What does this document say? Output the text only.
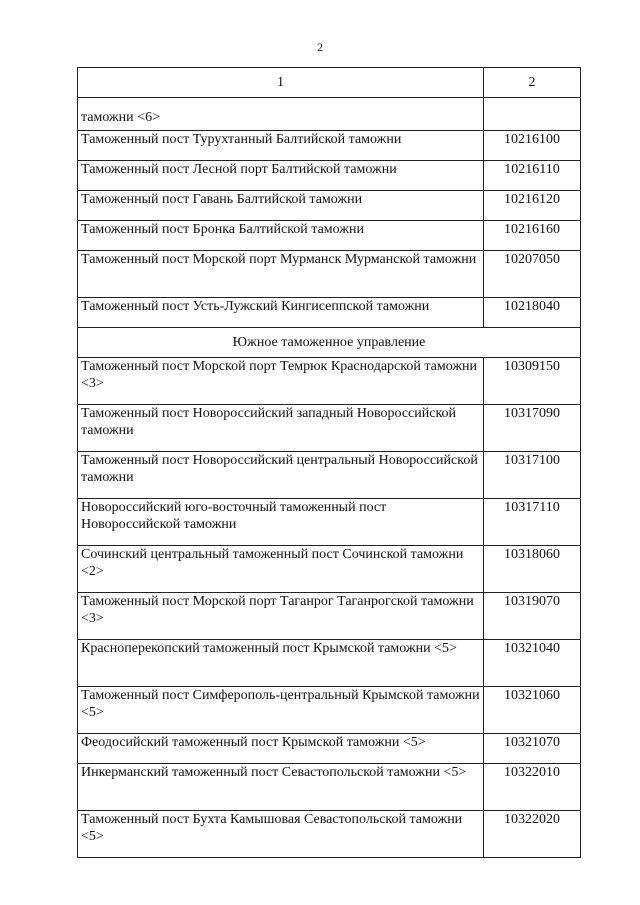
2
1	2
таможни <6>	
Таможенный пост Турухтанный Балтийской таможни	10216100
Таможенный пост Лесной порт Балтийской таможни	10216110
Таможенный пост Гавань Балтийской таможни	10216120
Таможенный пост Бронка Балтийской таможни	10216160
Таможенный пост Морской порт Мурманск Мурманской таможни	10207050
Таможенный пост Усть-Лужский Кингисеппской таможни	10218040
Южное таможенное управление	
Таможенный пост Морской порт Темрюк Краснодарской таможни <3>	10309150
Таможенный пост Новороссийский западный Новороссийской таможни	10317090
Таможенный пост Новороссийский центральный Новороссийской таможни	10317100
Новороссийский юго-восточный таможенный пост Новороссийской таможни	10317110
Сочинский центральный таможенный пост Сочинской таможни <2>	10318060
Таможенный пост Морской порт Таганрог Таганрогской таможни <3>	10319070
Красноперекопский таможенный пост Крымской таможни <5>	10321040
Таможенный пост Симферополь-центральный Крымской таможни <5>	10321060
Феодосийский таможенный пост Крымской таможни <5>	10321070
Инкерманский таможенный пост Севастопольской таможни <5>	10322010
Таможенный пост Бухта Камышовая Севастопольской таможни <5>	10322020
